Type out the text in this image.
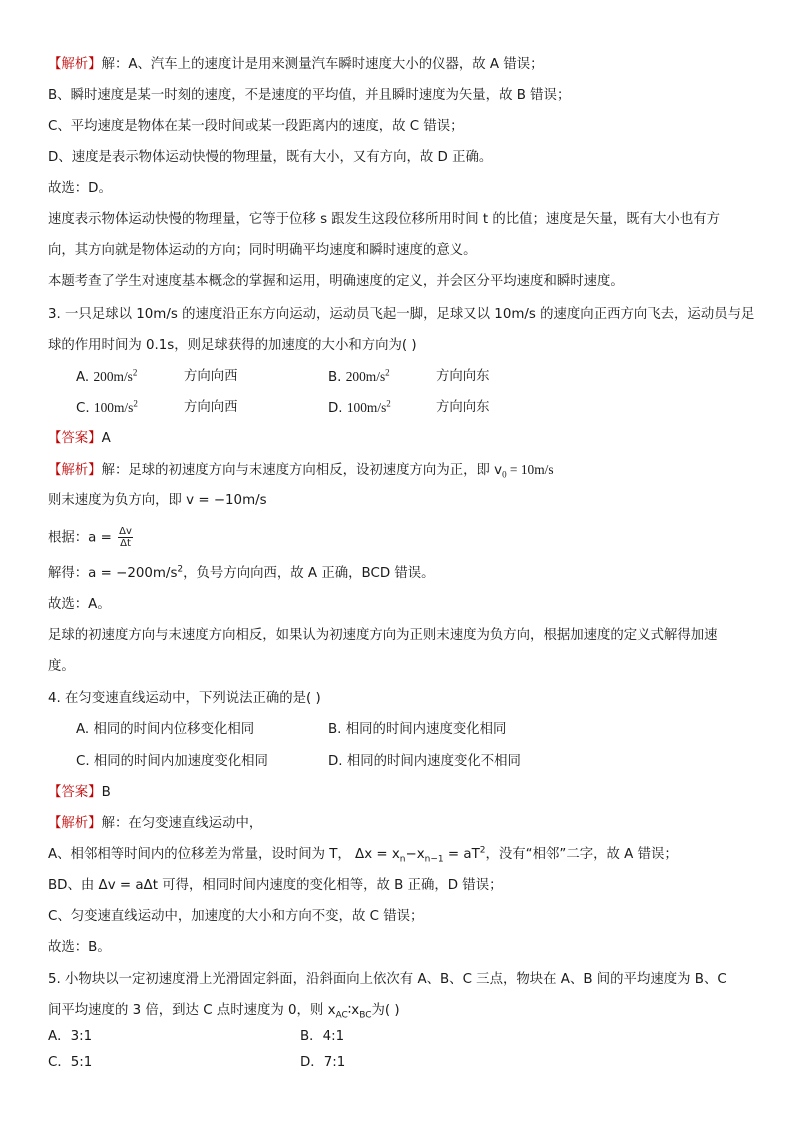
【解析】解：A、汽车上的速度计是用来测量汽车瞬时速度大小的仪器，故 A 错误；
B、瞬时速度是某一时刻的速度，不是速度的平均值，并且瞬时速度为矢量，故 B 错误；
C、平均速度是物体在某一段时间或某一段距离内的速度，故 C 错误；
D、速度是表示物体运动快慢的物理量，既有大小，又有方向，故 D 正确。
故选：D。
速度表示物体运动快慢的物理量，它等于位移 s 跟发生这段位移所用时间 t 的比值；速度是矢量，既有大小也有方
向，其方向就是物体运动的方向；同时明确平均速度和瞬时速度的意义。
本题考查了学生对速度基本概念的掌握和运用，明确速度的定义，并会区分平均速度和瞬时速度。
3. 一只足球以 10m/s 的速度沿正东方向运动，运动员飞起一脚，足球又以 10m/s 的速度向正西方向飞去，运动员与足
球的作用时间为 0.1s，则足球获得的加速度的大小和方向为( )
A. $200m/s^2$	方向向西	B. $200m/s^2$	方向向东
C. $100m/s^2$	方向向西	D. $100m/s^2$	方向向东
【答案】A
【解析】解：足球的初速度方向与末速度方向相反，设初速度方向为正，即 $v_0 = 10m/s$
则末速度为负方向，即 v = −10m/s
根据：$a = \frac{\Delta v}{\Delta t}$
解得：$a = -200m/s^2$，负号方向向西，故 A 正确，BCD 错误。
故选：A。
足球的初速度方向与末速度方向相反，如果认为初速度方向为正则末速度为负方向，根据加速度的定义式解得加速
度。
4. 在匀变速直线运动中，下列说法正确的是( )
A. 相同的时间内位移变化相同	B. 相同的时间内速度变化相同
C. 相同的时间内加速度变化相同	D. 相同的时间内速度变化不相同
【答案】B
【解析】解：在匀变速直线运动中，
A、相邻相等时间内的位移差为常量，设时间为 T， $\Delta x = x_n-x_{n-1} = aT^2$，没有“相邻”二字，故 A 错误；
BD、由 Δv = aΔt 可得，相同时间内速度的变化相等，故 B 正确，D 错误；
C、匀变速直线运动中，加速度的大小和方向不变，故 C 错误；
故选：B。
5. 小物块以一定初速度滑上光滑固定斜面，沿斜面向上依次有 A、B、C 三点，物块在 A、B 间的平均速度为 B、C
间平均速度的 3 倍，到达 C 点时速度为 0，则 $x_{AC}∶x_{BC}$为( )
A．3:1	B．4:1
C．5:1	D．7:1
